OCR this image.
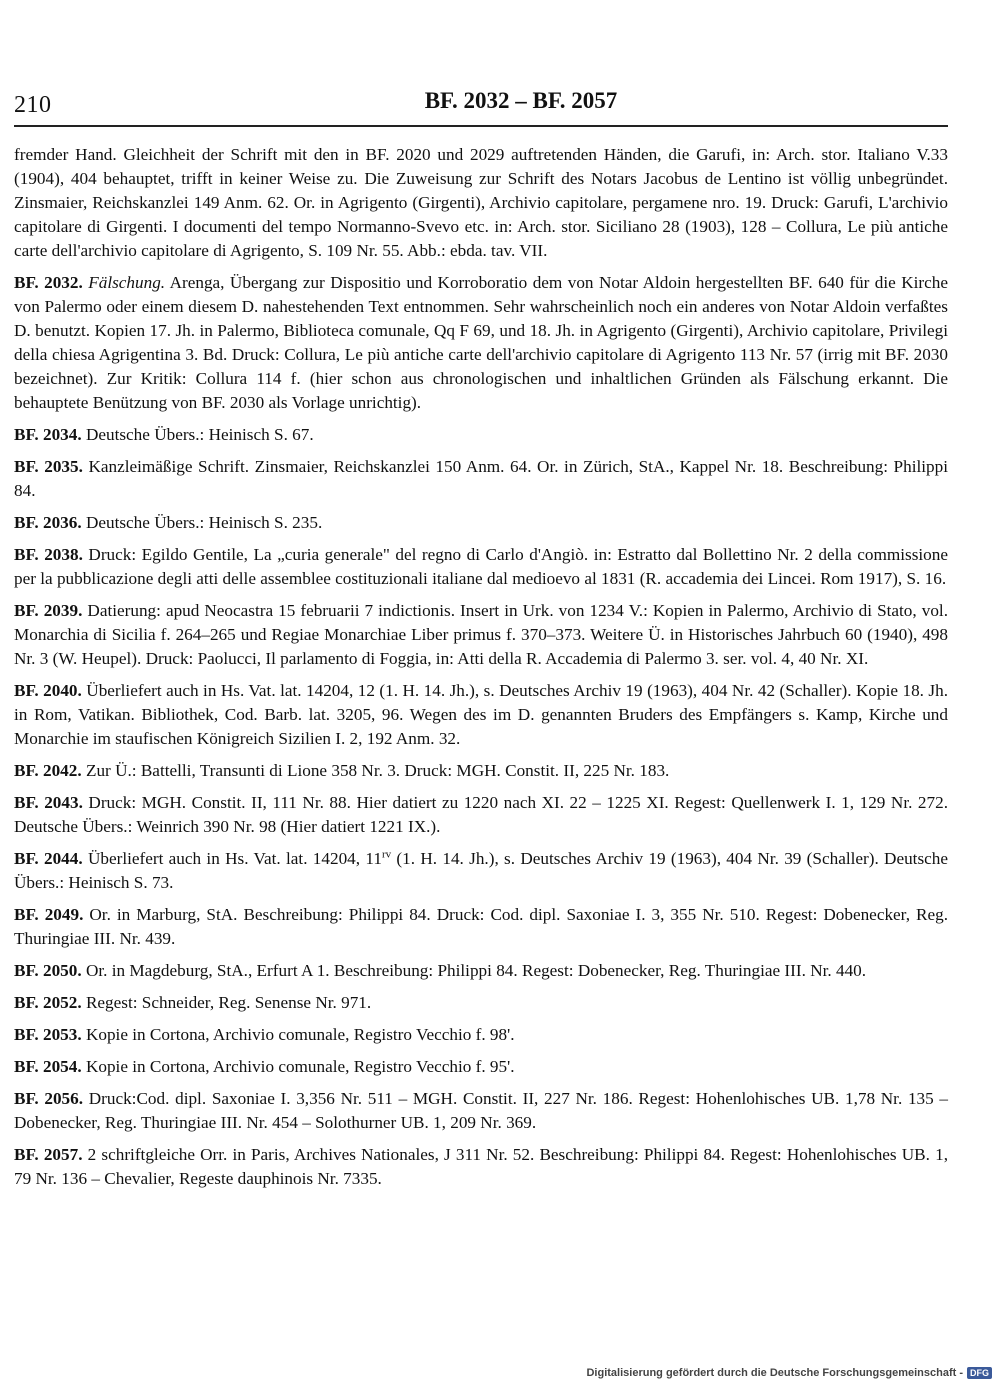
210	BF. 2032 – BF. 2057

fremder Hand. Gleichheit der Schrift mit den in BF. 2020 und 2029 auftretenden Händen, die Garufi, in: Arch. stor. Italiano V.33 (1904), 404 behauptet, trifft in keiner Weise zu. Die Zuweisung zur Schrift des Notars Jacobus de Lentino ist völlig unbegründet. Zinsmaier, Reichskanzlei 149 Anm. 62. Or. in Agrigento (Girgenti), Archivio capitolare, pergamene nro. 19. Druck: Garufi, L'archivio capitolare di Girgenti. I documenti del tempo Normanno-Svevo etc. in: Arch. stor. Siciliano 28 (1903), 128 – Collura, Le più antiche carte dell'archivio capitolare di Agrigento, S. 109 Nr. 55. Abb.: ebda. tav. VII.

BF. 2032. Fälschung. Arenga, Übergang zur Dispositio und Korroboratio dem von Notar Aldoin hergestellten BF. 640 für die Kirche von Palermo oder einem diesem D. nahestehenden Text entnommen. Sehr wahrscheinlich noch ein anderes von Notar Aldoin verfaßtes D. benutzt. Kopien 17. Jh. in Palermo, Biblioteca comunale, Qq F 69, und 18. Jh. in Agrigento (Girgenti), Archivio capitolare, Privilegi della chiesa Agrigentina 3. Bd. Druck: Collura, Le più antiche carte dell'archivio capitolare di Agrigento 113 Nr. 57 (irrig mit BF. 2030 bezeichnet). Zur Kritik: Collura 114 f. (hier schon aus chronologischen und inhaltlichen Gründen als Fälschung erkannt. Die behauptete Benützung von BF. 2030 als Vorlage unrichtig).

BF. 2034. Deutsche Übers.: Heinisch S. 67.

BF. 2035. Kanzleimäßige Schrift. Zinsmaier, Reichskanzlei 150 Anm. 64. Or. in Zürich, StA., Kappel Nr. 18. Beschreibung: Philippi 84.

BF. 2036. Deutsche Übers.: Heinisch S. 235.

BF. 2038. Druck: Egildo Gentile, La „curia generale" del regno di Carlo d'Angiò. in: Estratto dal Bollettino Nr. 2 della commissione per la pubblicazione degli atti delle assemblee costituzionali italiane dal medioevo al 1831 (R. accademia dei Lincei. Rom 1917), S. 16.

BF. 2039. Datierung: apud Neocastra 15 februarii 7 indictionis. Insert in Urk. von 1234 V.: Kopien in Palermo, Archivio di Stato, vol. Monarchia di Sicilia f. 264–265 und Regiae Monarchiae Liber primus f. 370–373. Weitere Ü. in Historisches Jahrbuch 60 (1940), 498 Nr. 3 (W. Heupel). Druck: Paolucci, Il parlamento di Foggia, in: Atti della R. Accademia di Palermo 3. ser. vol. 4, 40 Nr. XI.

BF. 2040. Überliefert auch in Hs. Vat. lat. 14204, 12 (1. H. 14. Jh.), s. Deutsches Archiv 19 (1963), 404 Nr. 42 (Schaller). Kopie 18. Jh. in Rom, Vatikan. Bibliothek, Cod. Barb. lat. 3205, 96. Wegen des im D. genannten Bruders des Empfängers s. Kamp, Kirche und Monarchie im staufischen Königreich Sizilien I. 2, 192 Anm. 32.

BF. 2042. Zur Ü.: Battelli, Transunti di Lione 358 Nr. 3. Druck: MGH. Constit. II, 225 Nr. 183.

BF. 2043. Druck: MGH. Constit. II, 111 Nr. 88. Hier datiert zu 1220 nach XI. 22 – 1225 XI. Regest: Quellenwerk I. 1, 129 Nr. 272. Deutsche Übers.: Weinrich 390 Nr. 98 (Hier datiert 1221 IX.).

BF. 2044. Überliefert auch in Hs. Vat. lat. 14204, $11^{rv}$ (1. H. 14. Jh.), s. Deutsches Archiv 19 (1963), 404 Nr. 39 (Schaller). Deutsche Übers.: Heinisch S. 73.

BF. 2049. Or. in Marburg, StA. Beschreibung: Philippi 84. Druck: Cod. dipl. Saxoniae I. 3, 355 Nr. 510. Regest: Dobenecker, Reg. Thuringiae III. Nr. 439.

BF. 2050. Or. in Magdeburg, StA., Erfurt A 1. Beschreibung: Philippi 84. Regest: Dobenecker, Reg. Thuringiae III. Nr. 440.

BF. 2052. Regest: Schneider, Reg. Senense Nr. 971.

BF. 2053. Kopie in Cortona, Archivio comunale, Registro Vecchio f. 98'.

BF. 2054. Kopie in Cortona, Archivio comunale, Registro Vecchio f. 95'.

BF. 2056. Druck:Cod. dipl. Saxoniae I. 3,356 Nr. 511 – MGH. Constit. II, 227 Nr. 186. Regest: Hohenlohisches UB. 1,78 Nr. 135 – Dobenecker, Reg. Thuringiae III. Nr. 454 – Solothurner UB. 1, 209 Nr. 369.

BF. 2057. 2 schriftgleiche Orr. in Paris, Archives Nationales, J 311 Nr. 52. Beschreibung: Philippi 84. Regest: Hohenlohisches UB. 1, 79 Nr. 136 – Chevalier, Regeste dauphinois Nr. 7335.

Digitalisierung gefördert durch die Deutsche Forschungsgemeinschaft - DFG
